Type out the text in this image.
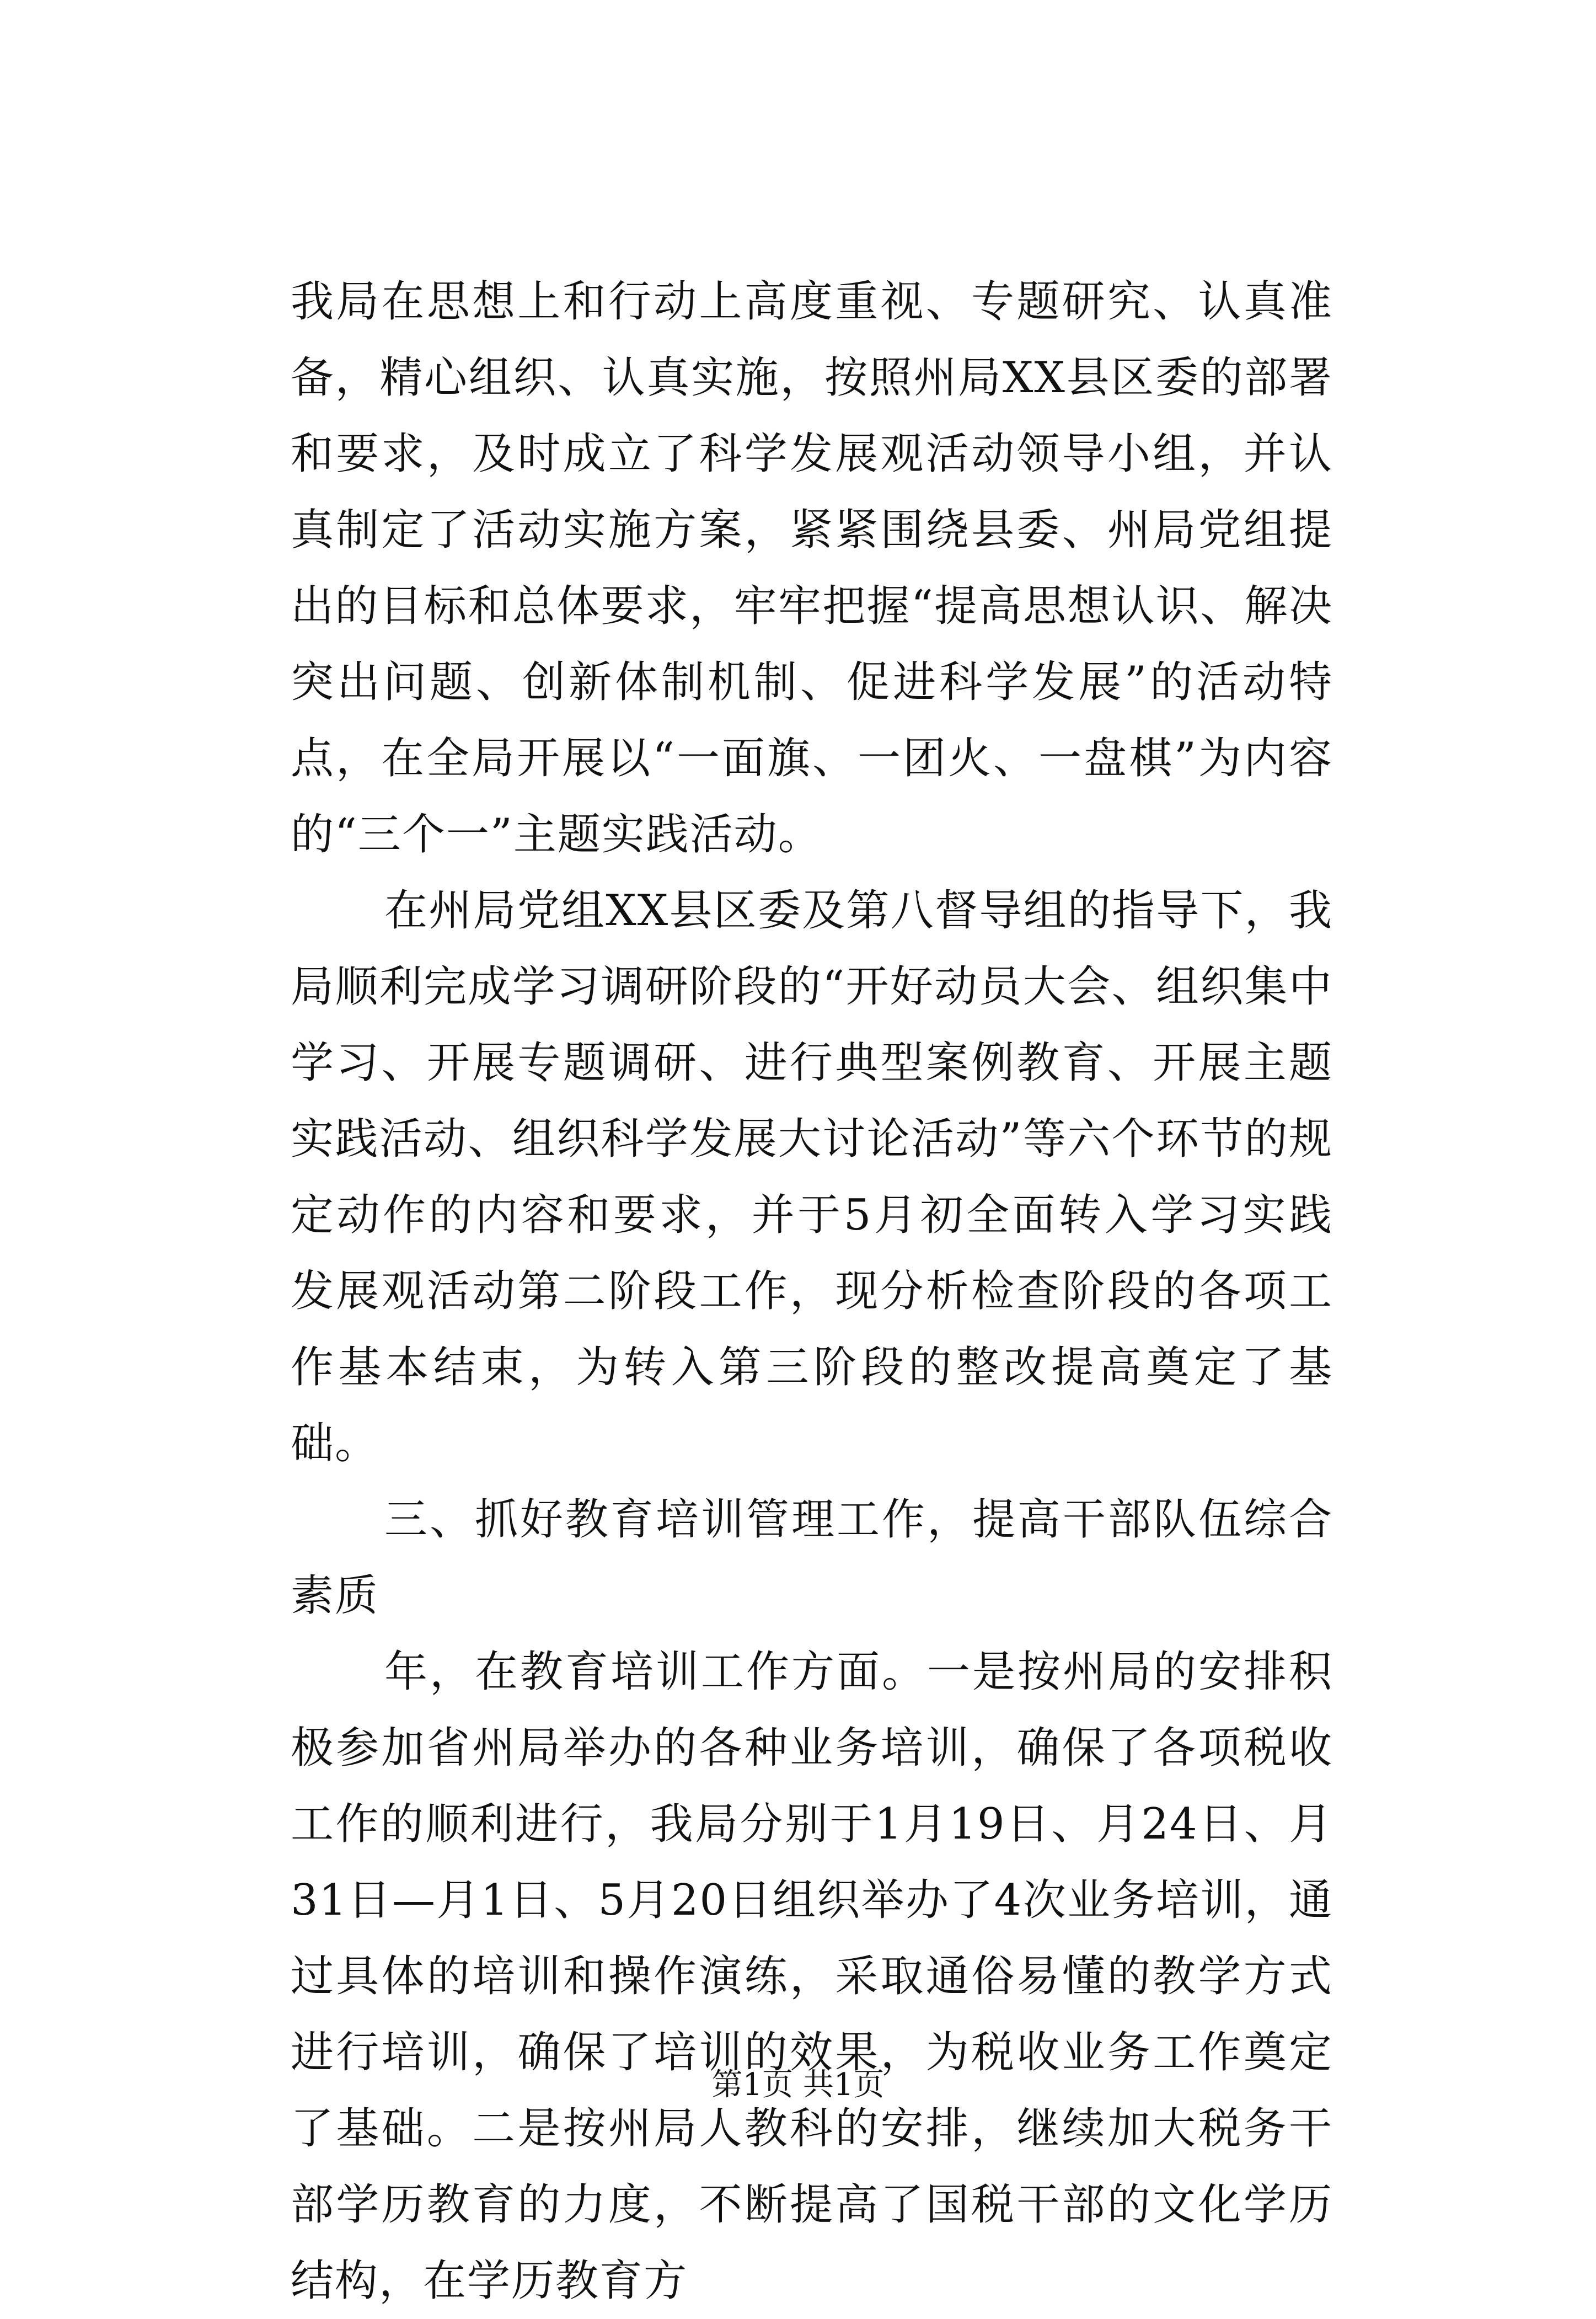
我局在思想上和行动上高度重视、专题研究、认真准备，精心组织、认真实施，按照州局XX县区委的部署和要求，及时成立了科学发展观活动领导小组，并认真制定了活动实施方案，紧紧围绕县委、州局党组提出的目标和总体要求，牢牢把握“提高思想认识、解决突出问题、创新体制机制、促进科学发展”的活动特点，在全局开展以“一面旗、一团火、一盘棋”为内容的“三个一”主题实践活动。

在州局党组XX县区委及第八督导组的指导下，我局顺利完成学习调研阶段的“开好动员大会、组织集中学习、开展专题调研、进行典型案例教育、开展主题实践活动、组织科学发展大讨论活动”等六个环节的规定动作的内容和要求，并于5月初全面转入学习实践发展观活动第二阶段工作，现分析检查阶段的各项工作基本结束，为转入第三阶段的整改提高奠定了基础。

三、抓好教育培训管理工作，提高干部队伍综合素质

年，在教育培训工作方面。一是按州局的安排积极参加省州局举办的各种业务培训，确保了各项税收工作的顺利进行，我局分别于1月19日、月24日、月31日—月1日、5月20日组织举办了4次业务培训，通过具体的培训和操作演练，采取通俗易懂的教学方式进行培训，确保了培训的效果，为税收业务工作奠定了基础。二是按州局人教科的安排，继续加大税务干部学历教育的力度，不断提高了国税干部的文化学历结构，在学历教育方

第1页 共1页
